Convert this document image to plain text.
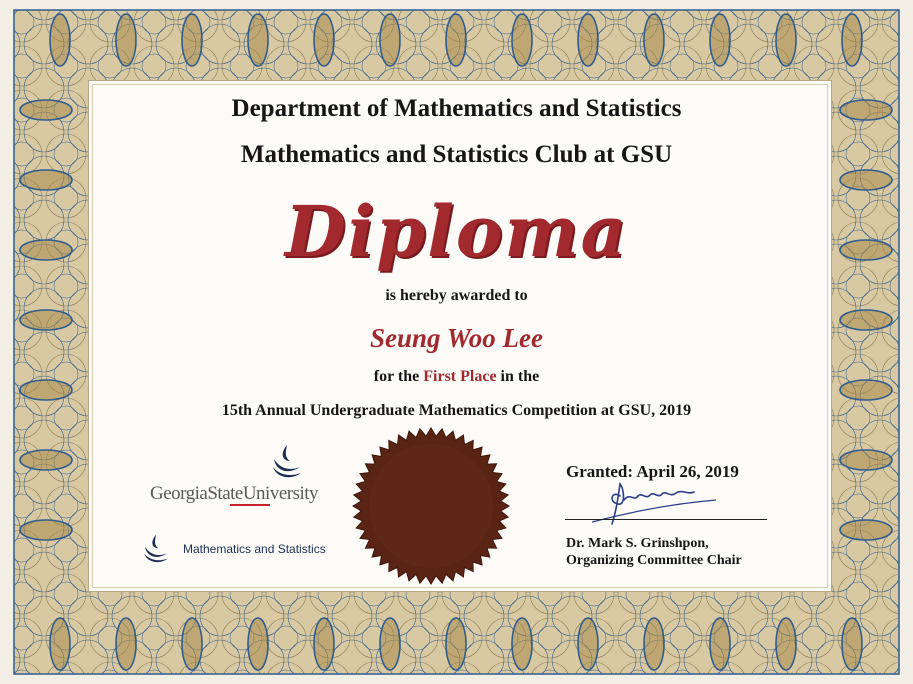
Department of Mathematics and Statistics
Mathematics and Statistics Club at GSU
Diploma
is hereby awarded to
Seung Woo Lee
for the First Place in the
15th Annual Undergraduate Mathematics Competition at GSU, 2019
Granted: April 26, 2019
Dr. Mark S. Grinshpon,
Organizing Committee Chair
GeorgiaStateUniversity
Mathematics and Statistics
